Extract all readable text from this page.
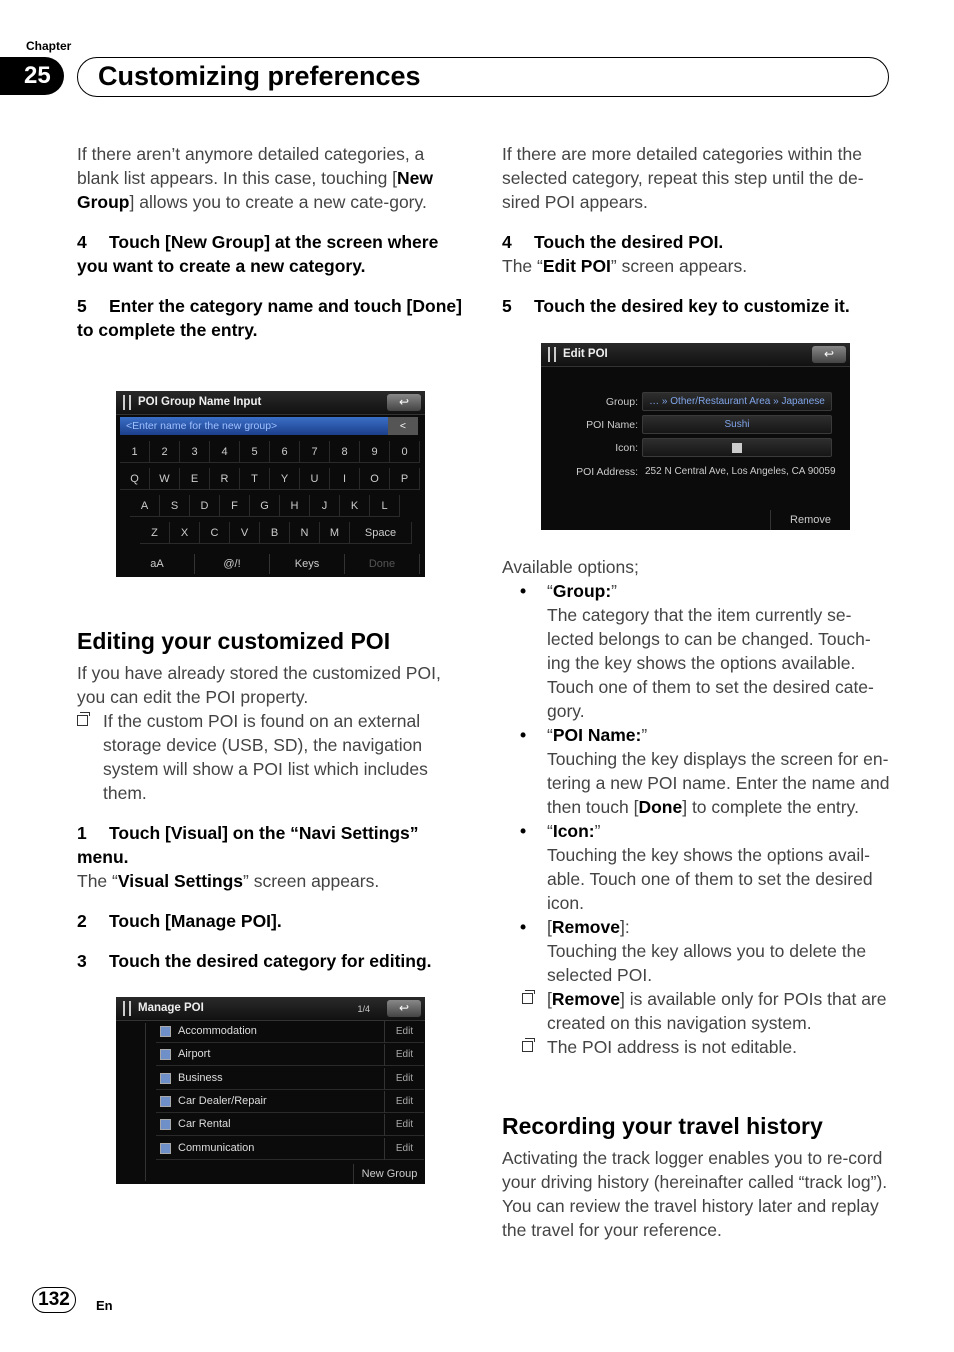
Chapter
25	Customizing preferences

If there aren’t anymore detailed categories, a blank list appears. In this case, touching [New Group] allows you to create a new cate-gory.

4 Touch [New Group] at the screen where you want to create a new category.
5 Enter the category name and touch [Done] to complete the entry.
Editing your customized POI

If you have already stored the customized POI, you can edit the POI property.

If the custom POI is found on an external storage device (USB, SD), the navigation system will show a POI list which includes them.
1 Touch [Visual] on the “Navi Settings” menu.

The “Visual Settings” screen appears.

2 Touch [Manage POI].
3 Touch the desired category for editing.

If there are more detailed categories within the selected category, repeat this step until the de-sired POI appears.

4 Touch the desired POI.

The “Edit POI” screen appears.

5 Touch the desired key to customize it.

Available options;

• “Group:”
The category that the item currently se-lected belongs to can be changed. Touch-ing the key shows the options available. Touch one of them to set the desired cate-gory.
• “POI Name:”
Touching the key displays the screen for en-tering a new POI name. Enter the name and then touch [Done] to complete the entry.
• “Icon:”
Touching the key shows the options avail-able. Touch one of them to set the desired icon.
• [Remove]:
Touching the key allows you to delete the selected POI.
[Remove] is available only for POIs that are created on this navigation system.
The POI address is not editable.
Recording your travel history

Activating the track logger enables you to re-cord your driving history (hereinafter called “track log”). You can review the travel history later and replay the travel for your reference.

POI Group Name Input	↩
<Enter name for the new group>	<
1	2	3	4	5	6	7	8	9	0
Q	W	E	R	T	Y	U	I	O	P
A	S	D	F	G	H	J	K	L
Z	X	C	V	B	N	M	Space
aA	@/!	Keys	Done
Edit POI	↩
Group:	… » Other/Restaurant Area » Japanese
POI Name:	Sushi
Icon:
POI Address: 252 N Central Ave, Los Angeles, CA 90059
Remove
Manage POI	1/4	↩
Accommodation	Edit
Airport	Edit
Business	Edit
Car Dealer/Repair	Edit
Car Rental	Edit
Communication	Edit
New Group
132	En
